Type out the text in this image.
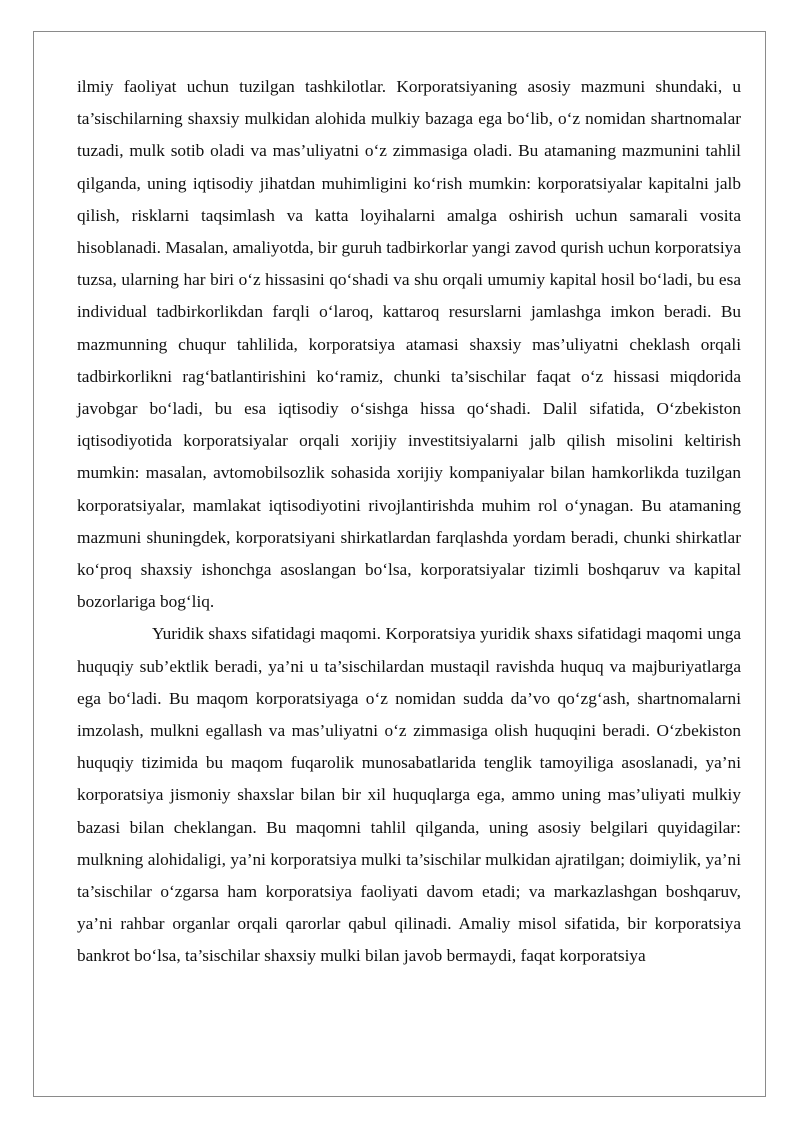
ilmiy faoliyat uchun tuzilgan tashkilotlar. Korporatsiyaning asosiy mazmuni shundaki, u ta’sischilarning shaxsiy mulkidan alohida mulkiy bazaga ega bo‘lib, o‘z nomidan shartnomalar tuzadi, mulk sotib oladi va mas’uliyatni o‘z zimmasiga oladi. Bu atamaning mazmunini tahlil qilganda, uning iqtisodiy jihatdan muhimligini ko‘rish mumkin: korporatsiyalar kapitalni jalb qilish, risklarni taqsimlash va katta loyihalarni amalga oshirish uchun samarali vosita hisoblanadi. Masalan, amaliyotda, bir guruh tadbirkorlar yangi zavod qurish uchun korporatsiya tuzsa, ularning har biri o‘z hissasini qo‘shadi va shu orqali umumiy kapital hosil bo‘ladi, bu esa individual tadbirkorlikdan farqli o‘laroq, kattaroq resurslarni jamlashga imkon beradi. Bu mazmunning chuqur tahlilida, korporatsiya atamasi shaxsiy mas’uliyatni cheklash orqali tadbirkorlikni rag‘batlantirishini ko‘ramiz, chunki ta’sischilar faqat o‘z hissasi miqdorida javobgar bo‘ladi, bu esa iqtisodiy o‘sishga hissa qo‘shadi. Dalil sifatida, O‘zbekiston iqtisodiyotida korporatsiyalar orqali xorijiy investitsiyalarni jalb qilish misolini keltirish mumkin: masalan, avtomobilsozlik sohasida xorijiy kompaniyalar bilan hamkorlikda tuzilgan korporatsiyalar, mamlakat iqtisodiyotini rivojlantirishda muhim rol o‘ynagan. Bu atamaning mazmuni shuningdek, korporatsiyani shirkatlardan farqlashda yordam beradi, chunki shirkatlar ko‘proq shaxsiy ishonchga asoslangan bo‘lsa, korporatsiyalar tizimli boshqaruv va kapital bozorlariga bog‘liq.

Yuridik shaxs sifatidagi maqomi. Korporatsiya yuridik shaxs sifatidagi maqomi unga huquqiy sub’ektlik beradi, ya’ni u ta’sischilardan mustaqil ravishda huquq va majburiyatlarga ega bo‘ladi. Bu maqom korporatsiyaga o‘z nomidan sudda da’vo qo‘zg‘ash, shartnomalarni imzolash, mulkni egallash va mas’uliyatni o‘z zimmasiga olish huquqini beradi. O‘zbekiston huquqiy tizimida bu maqom fuqarolik munosabatlarida tenglik tamoyiliga asoslanadi, ya’ni korporatsiya jismoniy shaxslar bilan bir xil huquqlarga ega, ammo uning mas’uliyati mulkiy bazasi bilan cheklangan. Bu maqomni tahlil qilganda, uning asosiy belgilari quyidagilar: mulkning alohidaligi, ya’ni korporatsiya mulki ta’sischilar mulkidan ajratilgan; doimiylik, ya’ni ta’sischilar o‘zgarsa ham korporatsiya faoliyati davom etadi; va markazlashgan boshqaruv, ya’ni rahbar organlar orqali qarorlar qabul qilinadi. Amaliy misol sifatida, bir korporatsiya bankrot bo‘lsa, ta’sischilar shaxsiy mulki bilan javob bermaydi, faqat korporatsiya
